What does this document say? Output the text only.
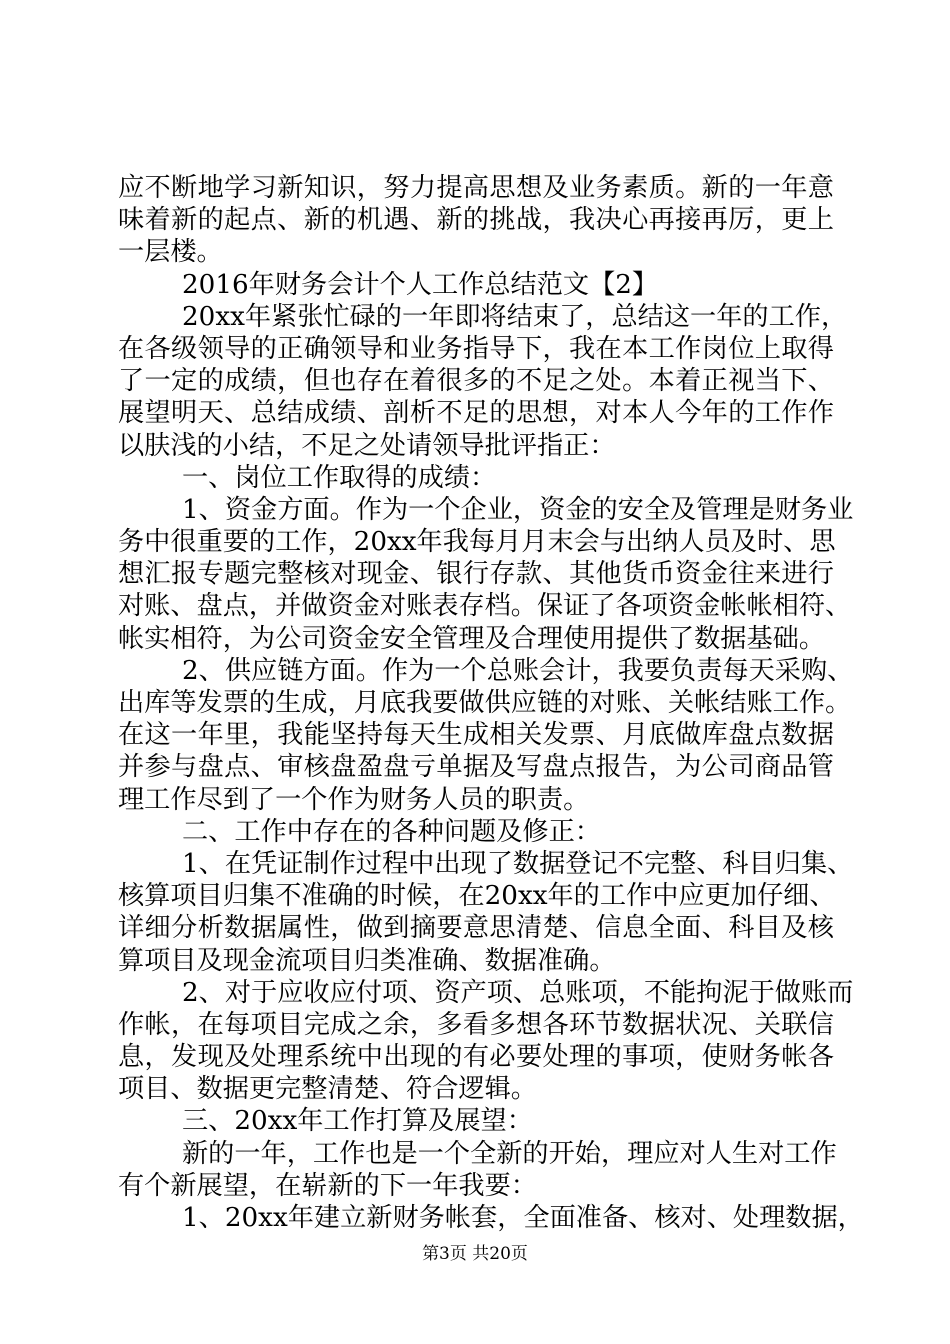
应不断地学习新知识，努力提高思想及业务素质。新的一年意
味着新的起点、新的机遇、新的挑战，我决心再接再厉，更上
一层楼。
2016年财务会计个人工作总结范文【2】
20xx年紧张忙碌的一年即将结束了，总结这一年的工作，
在各级领导的正确领导和业务指导下，我在本工作岗位上取得
了一定的成绩，但也存在着很多的不足之处。本着正视当下、
展望明天、总结成绩、剖析不足的思想，对本人今年的工作作
以肤浅的小结，不足之处请领导批评指正：
一、岗位工作取得的成绩：
1、资金方面。作为一个企业，资金的安全及管理是财务业
务中很重要的工作，20xx年我每月月末会与出纳人员及时、思
想汇报专题完整核对现金、银行存款、其他货币资金往来进行
对账、盘点，并做资金对账表存档。保证了各项资金帐帐相符、
帐实相符，为公司资金安全管理及合理使用提供了数据基础。
2、供应链方面。作为一个总账会计，我要负责每天采购、
出库等发票的生成，月底我要做供应链的对账、关帐结账工作。
在这一年里，我能坚持每天生成相关发票、月底做库盘点数据
并参与盘点、审核盘盈盘亏单据及写盘点报告，为公司商品管
理工作尽到了一个作为财务人员的职责。
二、工作中存在的各种问题及修正：
1、在凭证制作过程中出现了数据登记不完整、科目归集、
核算项目归集不准确的时候，在20xx年的工作中应更加仔细、
详细分析数据属性，做到摘要意思清楚、信息全面、科目及核
算项目及现金流项目归类准确、数据准确。
2、对于应收应付项、资产项、总账项，不能拘泥于做账而
作帐，在每项目完成之余，多看多想各环节数据状况、关联信
息，发现及处理系统中出现的有必要处理的事项，使财务帐各
项目、数据更完整清楚、符合逻辑。
三、20xx年工作打算及展望：
新的一年，工作也是一个全新的开始，理应对人生对工作
有个新展望，在崭新的下一年我要：
1、20xx年建立新财务帐套，全面准备、核对、处理数据，
第3页 共20页
